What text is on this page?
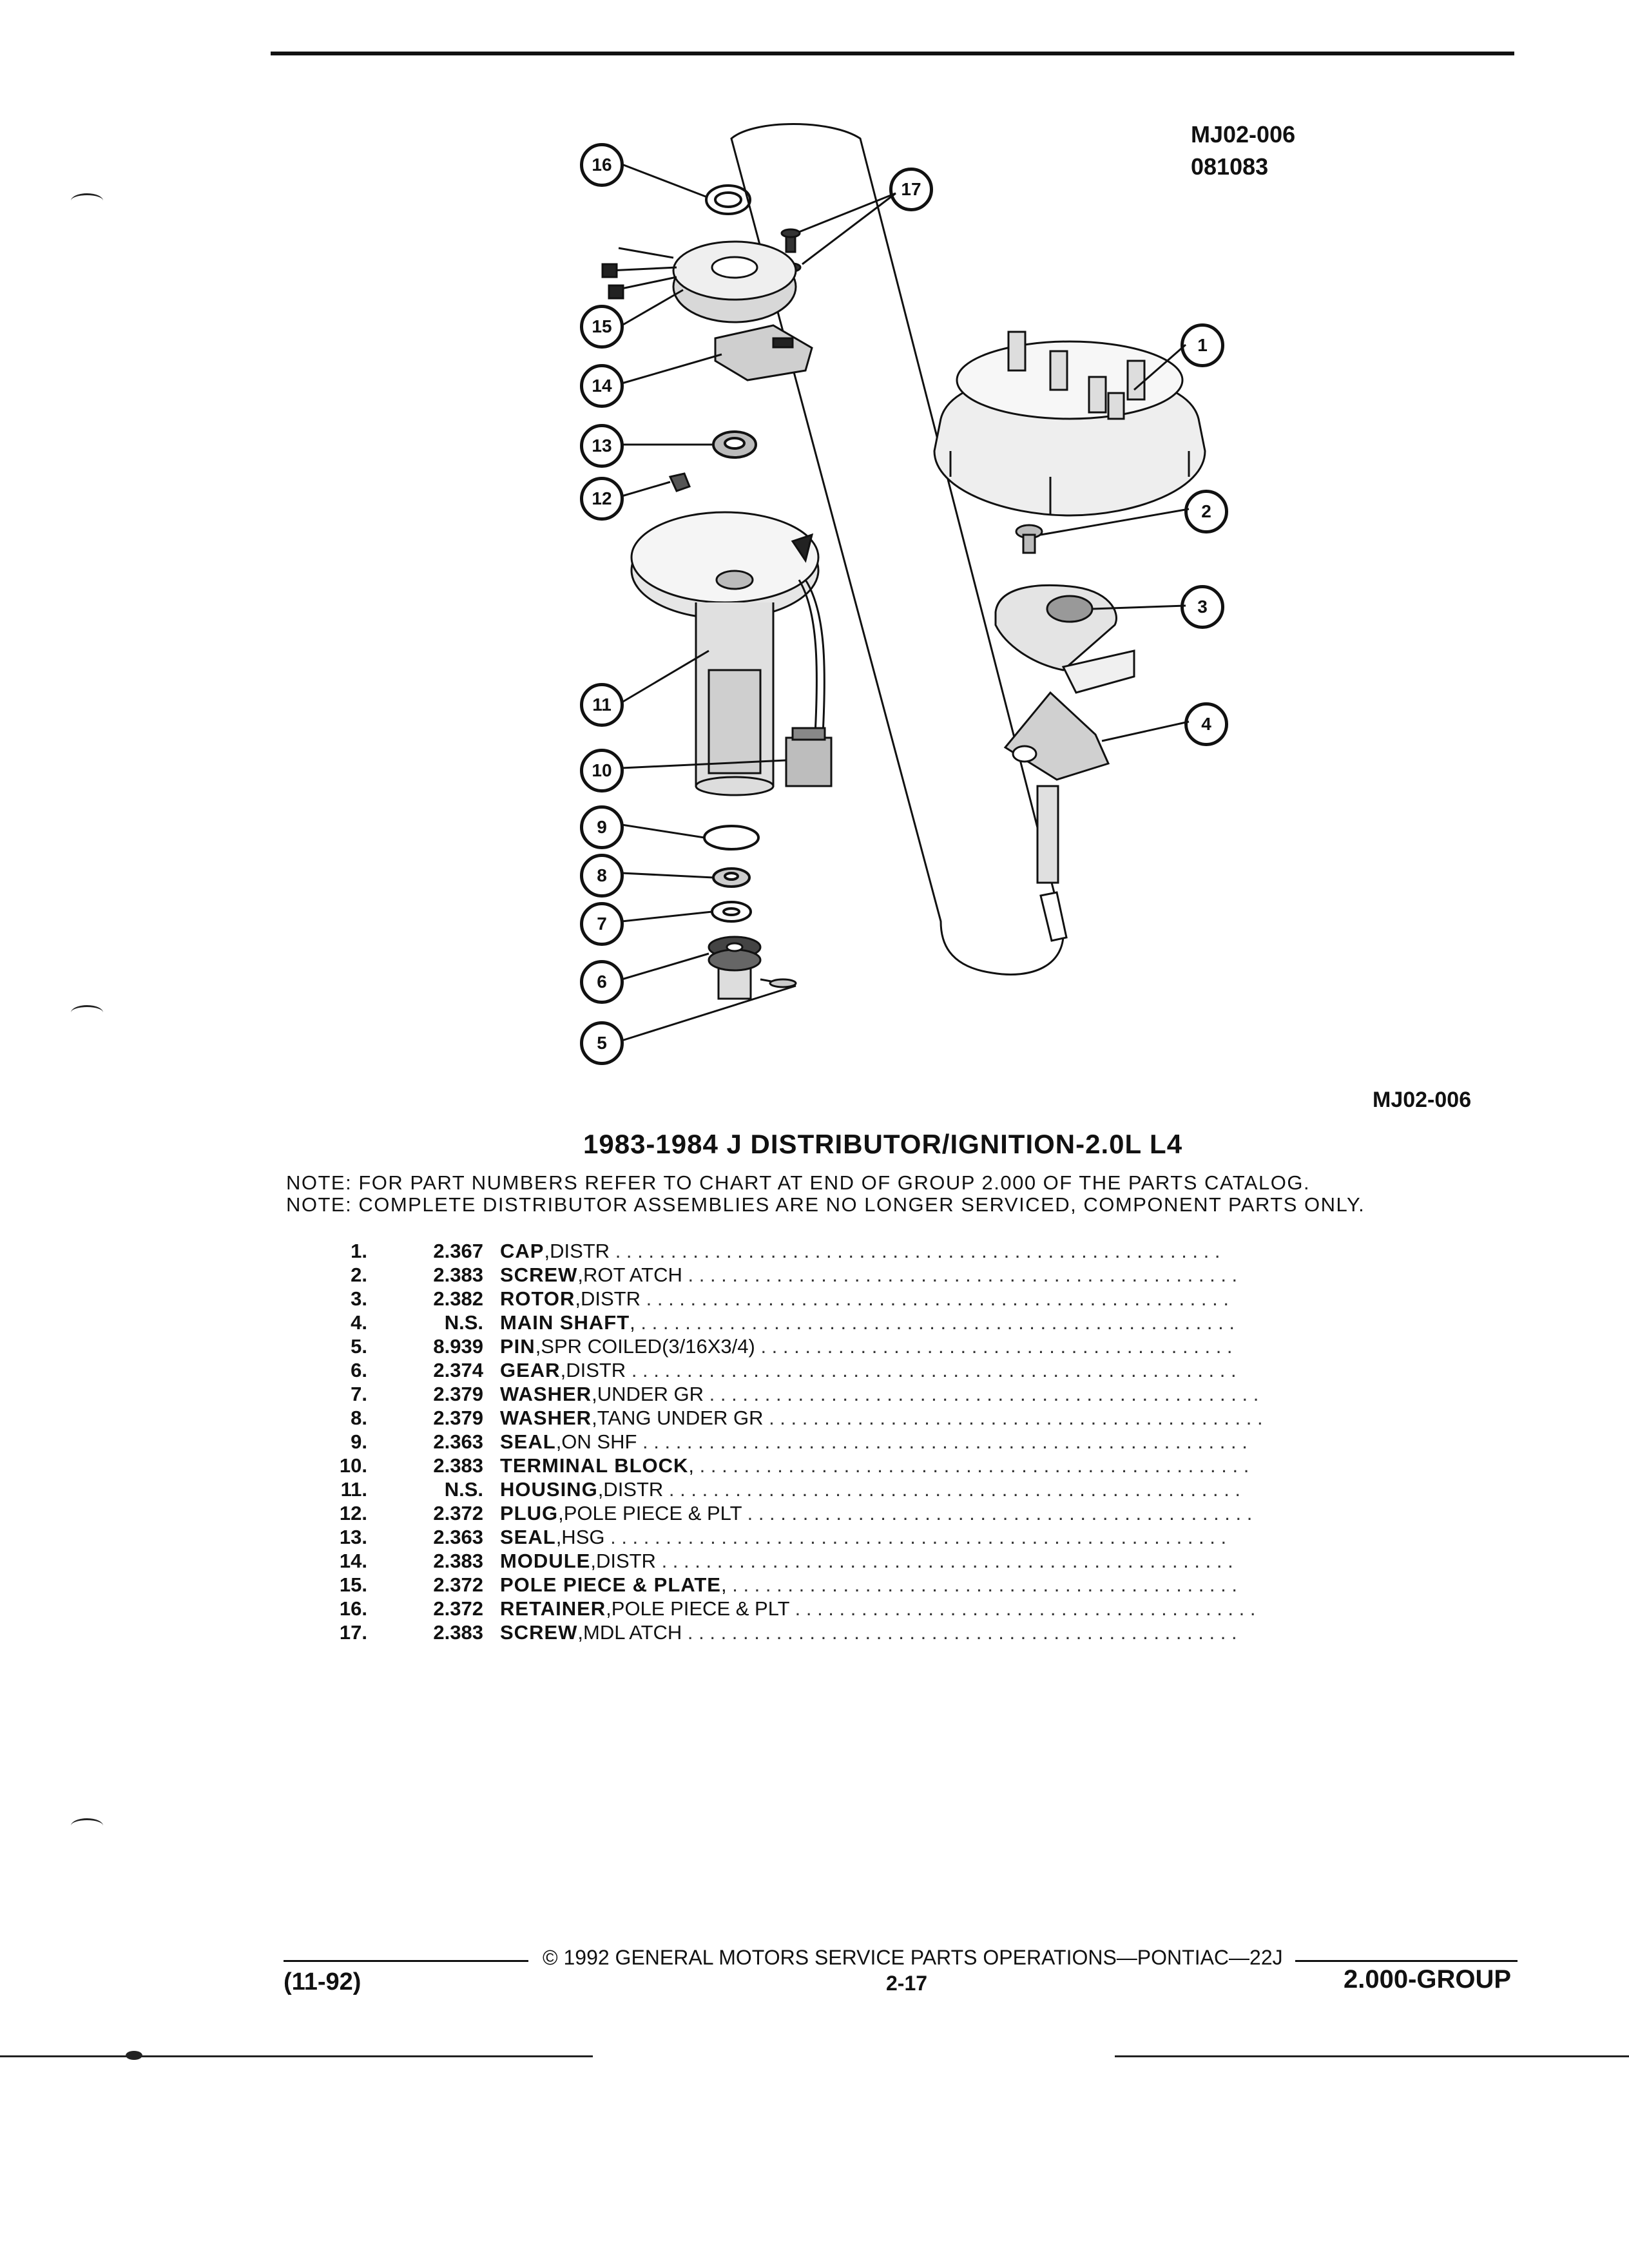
MJ02-006
081083
16
17
15
14
13
12
11
10
9
8
7
6
5
1
2
3
4
MJ02-006
1983-1984 J DISTRIBUTOR/IGNITION-2.0L L4
NOTE: FOR PART NUMBERS REFER TO CHART AT END OF GROUP 2.000 OF THE PARTS CATALOG.
NOTE: COMPLETE DISTRIBUTOR ASSEMBLIES ARE NO LONGER SERVICED, COMPONENT PARTS ONLY.
1.	2.367 CAP,DISTR . . . . . . . . . . . . . . . . . . . . . . . . . . . . . . . . . . . . . . . . . . . . . . . . . . . . . . .
2.	2.383 SCREW,ROT ATCH . . . . . . . . . . . . . . . . . . . . . . . . . . . . . . . . . . . . . . . . . . . . . . . . . .
3.	2.382 ROTOR,DISTR . . . . . . . . . . . . . . . . . . . . . . . . . . . . . . . . . . . . . . . . . . . . . . . . . . . . .
4.	N.S. MAIN SHAFT, . . . . . . . . . . . . . . . . . . . . . . . . . . . . . . . . . . . . . . . . . . . . . . . . . . . . . .
5.	8.939 PIN,SPR COILED(3/16X3/4) . . . . . . . . . . . . . . . . . . . . . . . . . . . . . . . . . . . . . . . . . . .
6.	2.374 GEAR,DISTR . . . . . . . . . . . . . . . . . . . . . . . . . . . . . . . . . . . . . . . . . . . . . . . . . . . . . . .
7.	2.379 WASHER,UNDER GR . . . . . . . . . . . . . . . . . . . . . . . . . . . . . . . . . . . . . . . . . . . . . . . . . .
8.	2.379 WASHER,TANG UNDER GR . . . . . . . . . . . . . . . . . . . . . . . . . . . . . . . . . . . . . . . . . . . . .
9.	2.363 SEAL,ON SHF . . . . . . . . . . . . . . . . . . . . . . . . . . . . . . . . . . . . . . . . . . . . . . . . . . . . . . .
10.	2.383 TERMINAL BLOCK, . . . . . . . . . . . . . . . . . . . . . . . . . . . . . . . . . . . . . . . . . . . . . . . . . .
11.	N.S. HOUSING,DISTR . . . . . . . . . . . . . . . . . . . . . . . . . . . . . . . . . . . . . . . . . . . . . . . . . . . .
12.	2.372 PLUG,POLE PIECE & PLT . . . . . . . . . . . . . . . . . . . . . . . . . . . . . . . . . . . . . . . . . . . . . .
13.	2.363 SEAL,HSG . . . . . . . . . . . . . . . . . . . . . . . . . . . . . . . . . . . . . . . . . . . . . . . . . . . . . . . .
14.	2.383 MODULE,DISTR . . . . . . . . . . . . . . . . . . . . . . . . . . . . . . . . . . . . . . . . . . . . . . . . . . . .
15.	2.372 POLE PIECE & PLATE, . . . . . . . . . . . . . . . . . . . . . . . . . . . . . . . . . . . . . . . . . . . . . .
16.	2.372 RETAINER,POLE PIECE & PLT . . . . . . . . . . . . . . . . . . . . . . . . . . . . . . . . . . . . . . . . . .
17.	2.383 SCREW,MDL ATCH . . . . . . . . . . . . . . . . . . . . . . . . . . . . . . . . . . . . . . . . . . . . . . . . . .
© 1992 GENERAL MOTORS SERVICE PARTS OPERATIONS—PONTIAC—22J
(11-92)	2-17	2.000-GROUP
